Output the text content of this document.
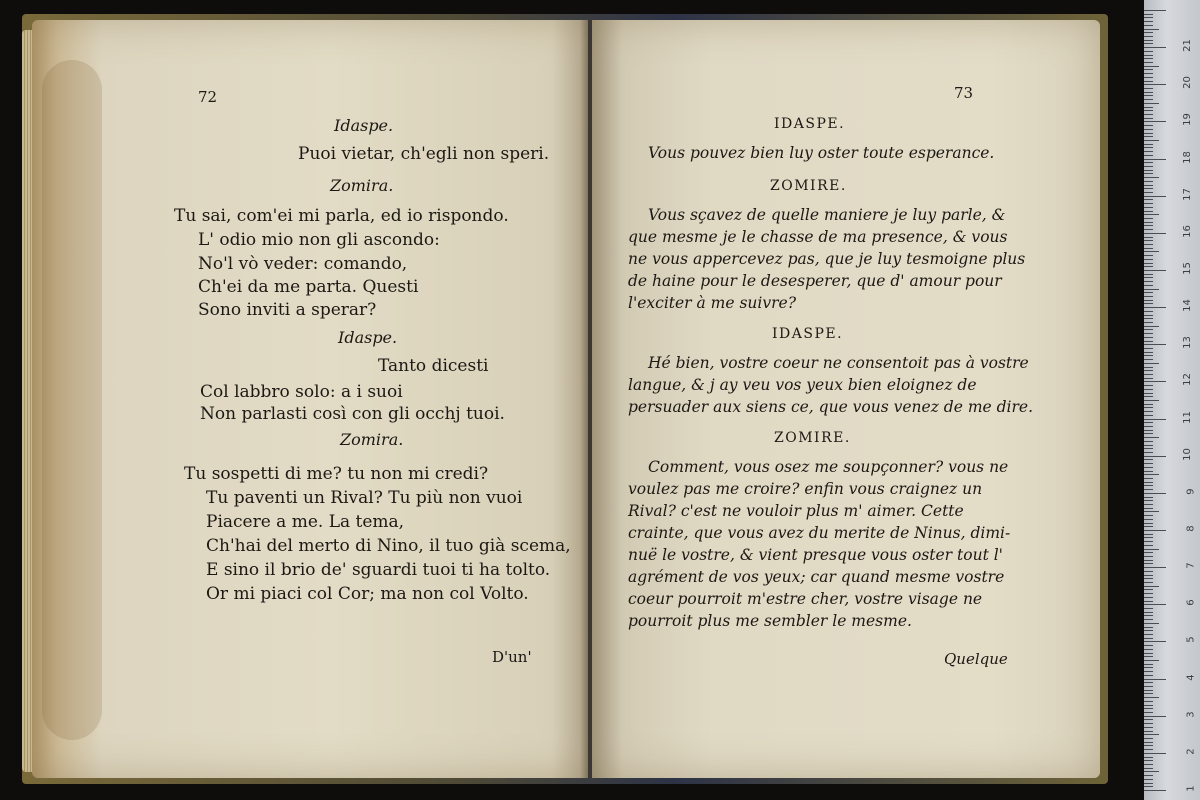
72
Idaspe.
Puoi vietar, ch'egli non speri.
Zomira.
Tu sai, com'ei mi parla, ed io rispondo.
L' odio mio non gli ascondo:
No'l vò veder: comando,
Ch'ei da me parta. Questi
Sono inviti a sperar?
Idaspe.
Tanto dicesti
Col labbro solo: a i suoi
Non parlasti così con gli occhj tuoi.
Zomira.
Tu sospetti di me? tu non mi credi?
Tu paventi un Rival? Tu più non vuoi
Piacere a me. La tema,
Ch'hai del merto di Nino, il tuo già scema,
E sino il brio de' sguardi tuoi ti ha tolto.
Or mi piaci col Cor; ma non col Volto.
D'un'
73
IDASPE.
Vous pouvez bien luy oster toute esperance.
ZOMIRE.
Vous sçavez de quelle maniere je luy parle, &
que mesme je le chasse de ma presence, & vous
ne vous appercevez pas, que je luy tesmoigne plus
de haine pour le desesperer, que d' amour pour
l'exciter à me suivre?
IDASPE.
Hé bien, vostre coeur ne consentoit pas à vostre
langue, & j ay veu vos yeux bien eloignez de
persuader aux siens ce, que vous venez de me dire.
ZOMIRE.
Comment, vous osez me soupçonner? vous ne
voulez pas me croire? enfin vous craignez un
Rival? c'est ne vouloir plus m' aimer. Cette
crainte, que vous avez du merite de Ninus, dimi-
nuë le vostre, & vient presque vous oster tout l'
agrément de vos yeux; car quand mesme vostre
coeur pourroit m'estre cher, vostre visage ne
pourroit plus me sembler le mesme.
Quelque
21
20
19
18
17
16
15
14
13
12
11
10
9
8
7
6
5
4
3
2
1
